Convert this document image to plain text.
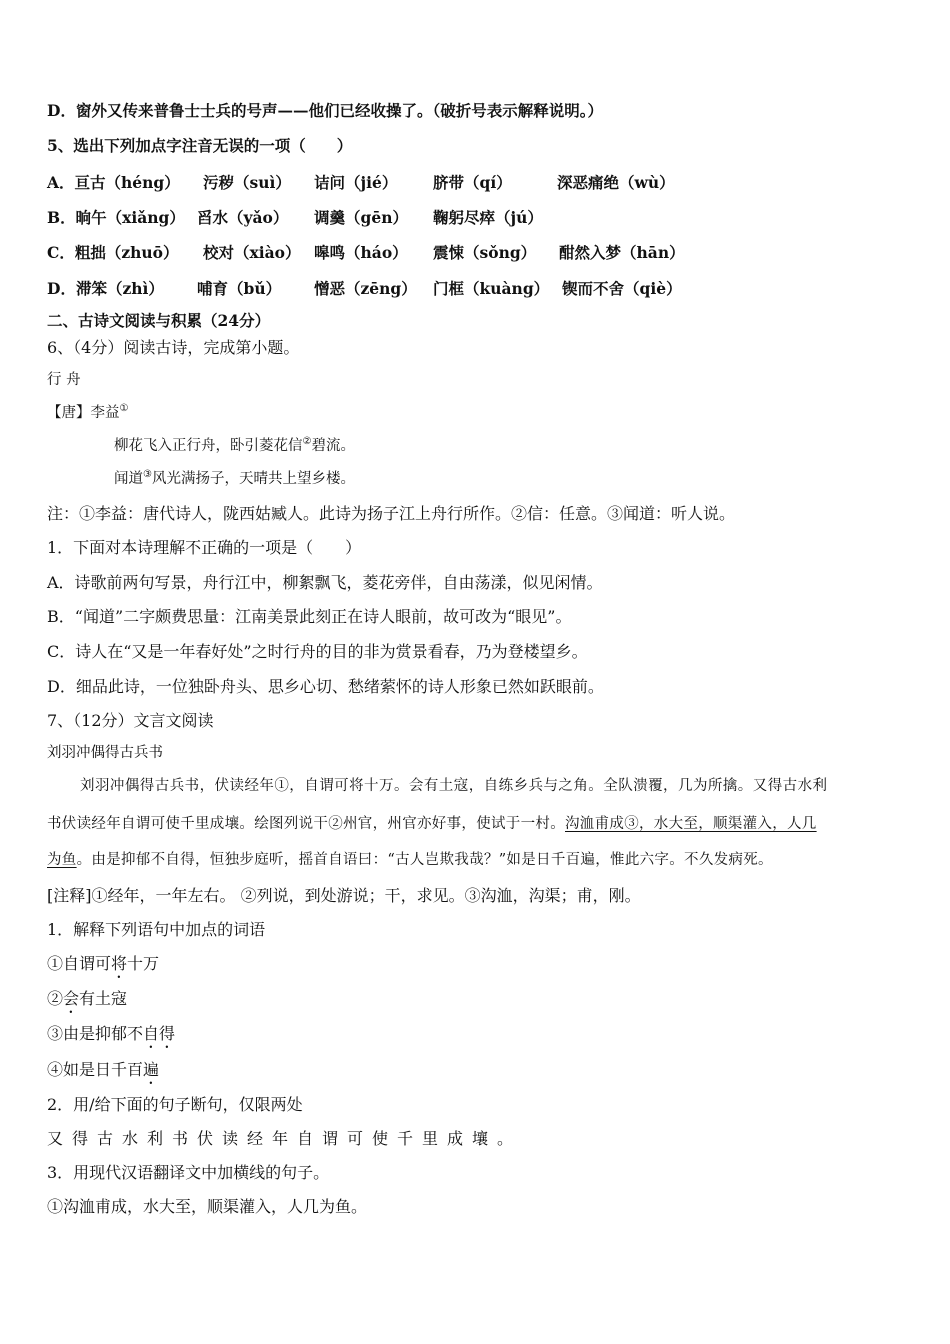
D．窗外又传来普鲁士士兵的号声——他们已经收操了。（破折号表示解释说明。）
5、选出下列加点字注音无误的一项（　　）
A．亘古（héng） 污秽（suì） 诘问（jié） 脐带（qí）	深恶痛绝（wù）
B．晌午（xiǎng） 舀水（yǎo） 调羹（gēn） 鞠躬尽瘁（jú）
C．粗拙（zhuō） 校对（xiào） 嗥鸣（háo） 震悚（sǒng） 酣然入梦（hān）
D．滞笨（zhì） 哺育（bǔ） 憎恶（zēng） 门框（kuàng） 锲而不舍（qiè）
二、古诗文阅读与积累（24分）
6、（4分）阅读古诗，完成第小题。
行 舟
【唐】李益①
柳花飞入正行舟，卧引菱花信②碧流。
闻道③风光满扬子，天晴共上望乡楼。
注：①李益：唐代诗人，陇西姑臧人。此诗为扬子江上舟行所作。②信：任意。③闻道：听人说。
1．下面对本诗理解不正确的一项是（　　）
A．诗歌前两句写景，舟行江中，柳絮飘飞，菱花旁伴，自由荡漾，似见闲情。
B．“闻道”二字颇费思量：江南美景此刻正在诗人眼前，故可改为“眼见”。
C．诗人在“又是一年春好处”之时行舟的目的非为赏景看春，乃为登楼望乡。
D．细品此诗，一位独卧舟头、思乡心切、愁绪萦怀的诗人形象已然如跃眼前。
7、（12分）文言文阅读
刘羽冲偶得古兵书
刘羽冲偶得古兵书，伏读经年①，自谓可将十万。会有土寇，自练乡兵与之角。全队溃覆，几为所擒。又得古水利
书伏读经年自谓可使千里成壤。绘图列说干②州官，州官亦好事，使试于一村。沟洫甫成③，水大至，顺渠灌入，人几
为鱼。由是抑郁不自得，恒独步庭听，摇首自语曰：“古人岂欺我哉？”如是日千百遍，惟此六字。不久发病死。
[注释]①经年，一年左右。 ②列说，到处游说；干，求见。③沟洫，沟渠；甫，刚。
1．解释下列语句中加点的词语
①自谓可将十万
②会有土寇
③由是抑郁不自得
④如是日千百遍
2．用/给下面的句子断句，仅限两处
又得古水利书伏读经年自谓可使千里成壤。
3．用现代汉语翻译文中加横线的句子。
①沟洫甫成，水大至，顺渠灌入，人几为鱼。
